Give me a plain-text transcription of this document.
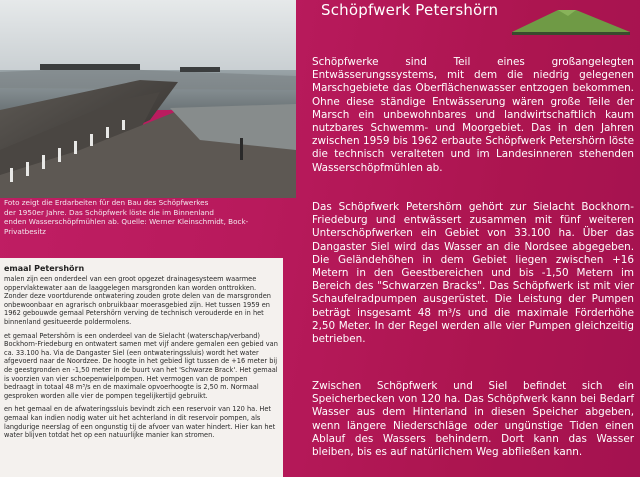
Foto zeigt die Erdarbeiten für den Bau des Schöpfwerkes

der 1950er Jahre. Das Schöpfwerk löste die im Binnenland

enden Wasserschöpfmühlen ab. Quelle: Werner Kleinschmidt, Bock-

Privatbesitz

emaal Petershörn

malen zijn een onderdeel van een groot opgezet drainagesysteem waarmee oppervlaktewater aan de laaggelegen marsgronden kan worden onttrokken. Zonder deze voortdurende ontwatering zouden grote delen van de marsgronden onbewoonbaar en agrarisch onbruikbaar moerasgebied zijn. Het tussen 1959 en 1962 gebouwde gemaal Petershörn verving de technisch verouderde en in het binnenland gesitueerde poldermolens.

et gemaal Petershörn is een onderdeel van de Sielacht (waterschap/verband) Bockhorn-Friedeburg en ontwatert samen met vijf andere gemalen een gebied van ca. 33.100 ha. Via de Dangaster Siel (een ontwateringssluis) wordt het water afgevoerd naar de Noordzee. De hoogte in het gebied ligt tussen de +16 meter bij de geestgronden en -1,50 meter in de buurt van het 'Schwarze Brack'. Het gemaal is voorzien van vier schoepenwielpompen. Het vermogen van de pompen bedraagt in totaal 48 m³/s en de maximale opvoerhoogte is 2,50 m. Normaal gesproken worden alle vier de pompen tegelijkertijd gebruikt.

en het gemaal en de afwateringssluis bevindt zich een reservoir van 120 ha. Het gemaal kan indien nodig water uit het achterland in dit reservoir pompen, als langdurige neerslag of een ongunstig tij de afvoer van water hindert. Hier kan het water blijven totdat het op een natuurlijke manier kan stromen.

Schöpfwerk Petershörn
Schöpfwerke sind Teil eines großangelegten Entwässerungssystems, mit dem die niedrig gelegenen Marschgebiete das Oberflächenwasser entzogen bekommen. Ohne diese ständige Entwässerung wären große Teile der Marsch ein unbewohnbares und landwirtschaftlich kaum nutzbares Schwemm- und Moorgebiet. Das in den Jahren zwischen 1959 bis 1962 erbaute Schöpfwerk Petershörn löste die technisch veralteten und im Landesinneren stehenden Wasserschöpfmühlen ab.
Das Schöpfwerk Petershörn gehört zur Sielacht Bockhorn-Friedeburg und entwässert zusammen mit fünf weiteren Unterschöpfwerken ein Gebiet von 33.100 ha. Über das Dangaster Siel wird das Wasser an die Nordsee abgegeben. Die Geländehöhen in dem Gebiet liegen zwischen +16 Metern in den Geestbereichen und bis -1,50 Metern im Bereich des "Schwarzen Bracks". Das Schöpfwerk ist mit vier Schaufelradpumpen ausgerüstet. Die Leistung der Pumpen beträgt insgesamt 48 m³/s und die maximale Förderhöhe 2,50 Meter. In der Regel werden alle vier Pumpen gleichzeitig betrieben.
Zwischen Schöpfwerk und Siel befindet sich ein Speicherbecken von 120 ha. Das Schöpfwerk kann bei Bedarf Wasser aus dem Hinterland in diesen Speicher abgeben, wenn längere Niederschläge oder ungünstige Tiden einen Ablauf des Wassers behindern. Dort kann das Wasser bleiben, bis es auf natürlichem Weg abfließen kann.
